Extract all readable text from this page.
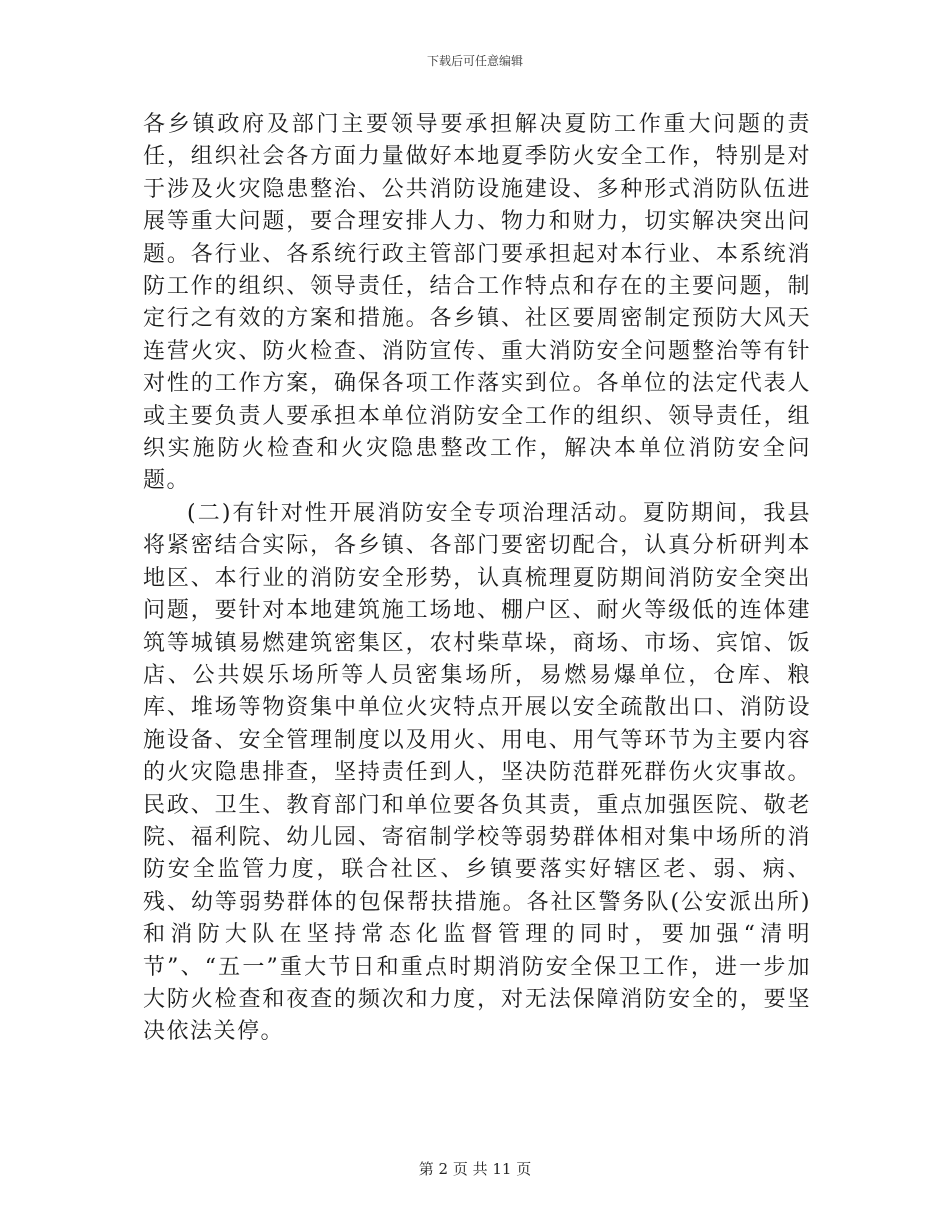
下载后可任意编辑

各乡镇政府及部门主要领导要承担解决夏防工作重大问题的责任，组织社会各方面力量做好本地夏季防火安全工作，特别是对于涉及火灾隐患整治、公共消防设施建设、多种形式消防队伍进展等重大问题，要合理安排人力、物力和财力，切实解决突出问题。各行业、各系统行政主管部门要承担起对本行业、本系统消防工作的组织、领导责任，结合工作特点和存在的主要问题，制定行之有效的方案和措施。各乡镇、社区要周密制定预防大风天连营火灾、防火检查、消防宣传、重大消防安全问题整治等有针对性的工作方案，确保各项工作落实到位。各单位的法定代表人或主要负责人要承担本单位消防安全工作的组织、领导责任，组织实施防火检查和火灾隐患整改工作，解决本单位消防安全问题。

(二)有针对性开展消防安全专项治理活动。夏防期间，我县将紧密结合实际，各乡镇、各部门要密切配合，认真分析研判本地区、本行业的消防安全形势，认真梳理夏防期间消防安全突出问题，要针对本地建筑施工场地、棚户区、耐火等级低的连体建筑等城镇易燃建筑密集区，农村柴草垛，商场、市场、宾馆、饭店、公共娱乐场所等人员密集场所，易燃易爆单位，仓库、粮库、堆场等物资集中单位火灾特点开展以安全疏散出口、消防设施设备、安全管理制度以及用火、用电、用气等环节为主要内容的火灾隐患排查，坚持责任到人，坚决防范群死群伤火灾事故。民政、卫生、教育部门和单位要各负其责，重点加强医院、敬老院、福利院、幼儿园、寄宿制学校等弱势群体相对集中场所的消防安全监管力度，联合社区、乡镇要落实好辖区老、弱、病、残、幼等弱势群体的包保帮扶措施。各社区警务队(公安派出所)和消防大队在坚持常态化监督管理的同时，要加强“清明节”、“五一”重大节日和重点时期消防安全保卫工作，进一步加大防火检查和夜查的频次和力度，对无法保障消防安全的，要坚决依法关停。

第 2 页 共 11 页
